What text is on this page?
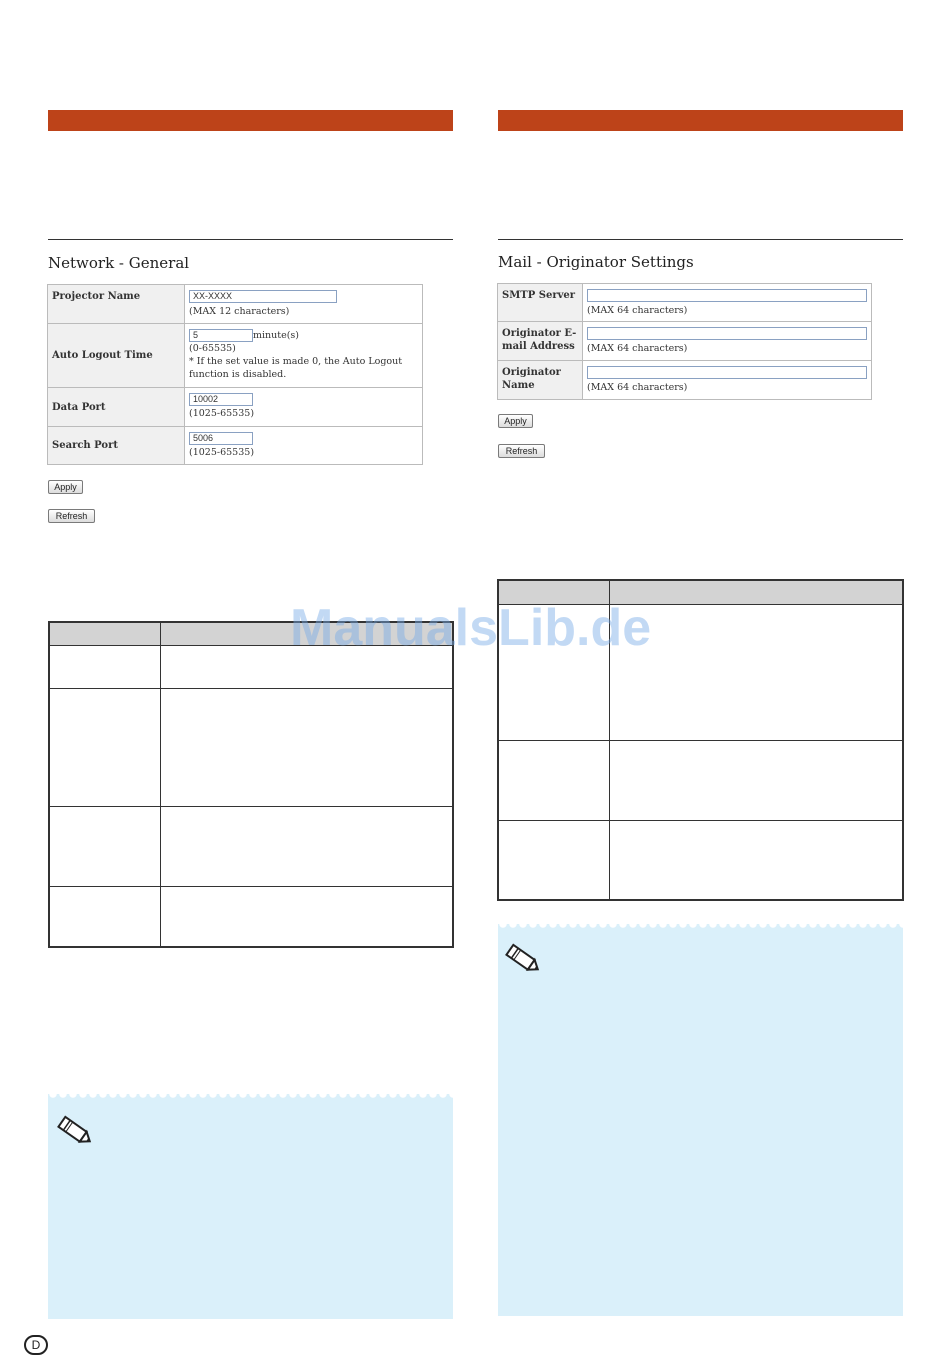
Network - General
Projector Name	XX-XXXX
(MAX 12 characters)

Auto Logout Time	5 minute(s)
(0-65535)
* If the set value is made 0, the Auto Logout function is disabled.

Data Port	10002
(1025-65535)

Search Port	5006
(1025-65535)
Apply
Refresh

Mail - Originator Settings
SMTP Server	(MAX 64 characters)

Originator E-mail Address	(MAX 64 characters)

Originator Name	(MAX 64 characters)
Apply
Refresh

ManualsLib.de
D
